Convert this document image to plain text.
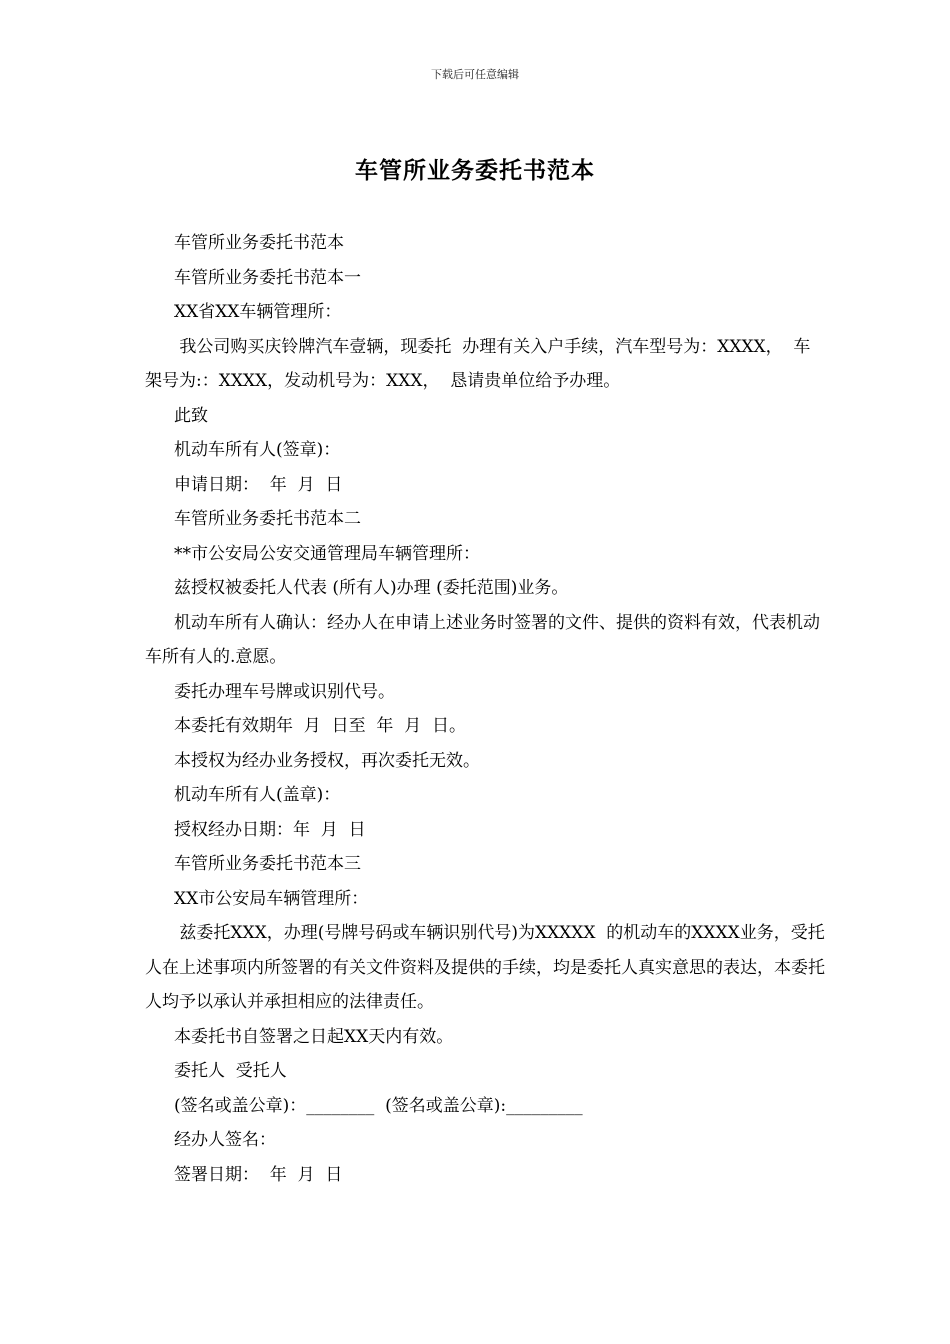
下载后可任意编辑
车管所业务委托书范本

车管所业务委托书范本

车管所业务委托书范本一

XX省XX车辆管理所：

我公司购买庆铃牌汽车壹辆，现委托  办理有关入户手续，汽车型号为：XXXX，  车架号为:：XXXX，发动机号为：XXX，  恳请贵单位给予办理。

此致

机动车所有人(签章)：

申请日期：  年  月  日

车管所业务委托书范本二

**市公安局公安交通管理局车辆管理所：

兹授权被委托人代表 (所有人)办理 (委托范围)业务。

机动车所有人确认：经办人在申请上述业务时签署的文件、提供的资料有效，代表机动车所有人的.意愿。

委托办理车号牌或识别代号。

本委托有效期年  月  日至  年  月  日。

本授权为经办业务授权，再次委托无效。

机动车所有人(盖章)：

授权经办日期：年  月  日

车管所业务委托书范本三

XX市公安局车辆管理所：

兹委托XXX，办理(号牌号码或车辆识别代号)为XXXXX  的机动车的XXXX业务，受托人在上述事项内所签署的有关文件资料及提供的手续，均是委托人真实意思的表达，本委托人均予以承认并承担相应的法律责任。

本委托书自签署之日起XX天内有效。

委托人  受托人

(签名或盖公章)：________  (签名或盖公章):_________

经办人签名：

签署日期：  年  月  日
